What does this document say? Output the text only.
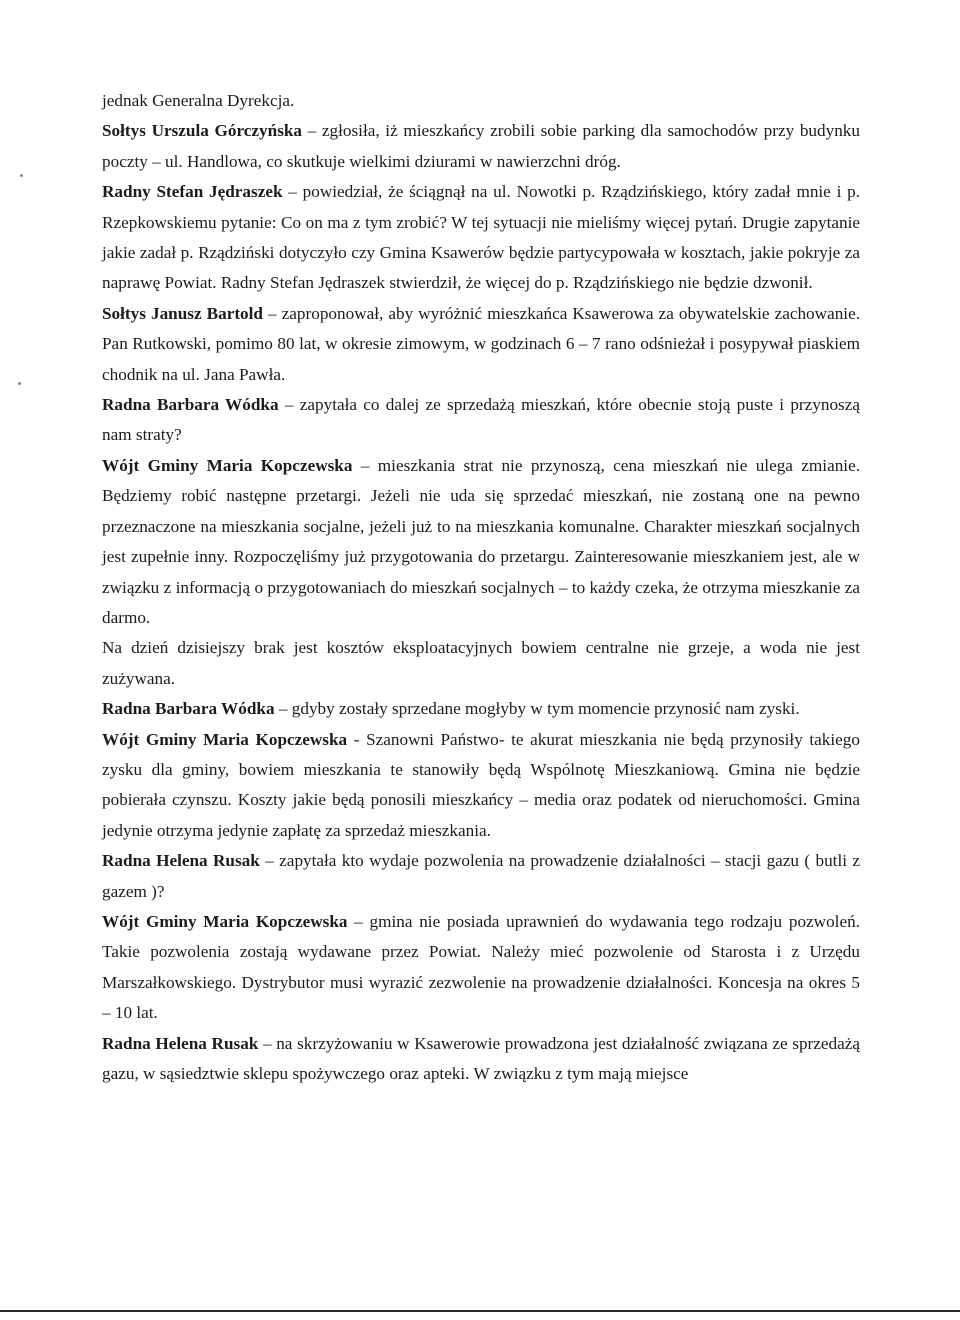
jednak Generalna Dyrekcja.

Sołtys Urszula Górczyńska – zgłosiła, iż mieszkańcy zrobili sobie parking dla samochodów przy budynku poczty – ul. Handlowa, co skutkuje wielkimi dziurami w nawierzchni dróg.

Radny Stefan Jędraszek – powiedział, że ściągnął na ul. Nowotki p. Rządzińskiego, który zadał mnie i p. Rzepkowskiemu pytanie: Co on ma z tym zrobić? W tej sytuacji nie mieliśmy więcej pytań. Drugie zapytanie jakie zadał p. Rządziński dotyczyło czy Gmina Ksawerów będzie partycypowała w kosztach, jakie pokryje za naprawę Powiat. Radny Stefan Jędraszek stwierdził, że więcej do p. Rządzińskiego nie będzie dzwonił.

Sołtys Janusz Bartold – zaproponował, aby wyróżnić mieszkańca Ksawerowa za obywatelskie zachowanie. Pan Rutkowski, pomimo 80 lat, w okresie zimowym, w godzinach 6 – 7 rano odśnieżał i posypywał piaskiem chodnik na ul. Jana Pawła.

Radna Barbara Wódka – zapytała co dalej ze sprzedażą mieszkań, które obecnie stoją puste i przynoszą nam straty?

Wójt Gminy Maria Kopczewska – mieszkania strat nie przynoszą, cena mieszkań nie ulega zmianie. Będziemy robić następne przetargi. Jeżeli nie uda się sprzedać mieszkań, nie zostaną one na pewno przeznaczone na mieszkania socjalne, jeżeli już to na mieszkania komunalne. Charakter mieszkań socjalnych jest zupełnie inny. Rozpoczęliśmy już przygotowania do przetargu. Zainteresowanie mieszkaniem jest, ale w związku z informacją o przygotowaniach do mieszkań socjalnych – to każdy czeka, że otrzyma mieszkanie za darmo.

Na dzień dzisiejszy brak jest kosztów eksploatacyjnych bowiem centralne nie grzeje, a woda nie jest zużywana.

Radna Barbara Wódka – gdyby zostały sprzedane mogłyby w tym momencie przynosić nam zyski.

Wójt Gminy Maria Kopczewska - Szanowni Państwo- te akurat mieszkania nie będą przynosiły takiego zysku dla gminy, bowiem mieszkania te stanowiły będą Wspólnotę Mieszkaniową. Gmina nie będzie pobierała czynszu. Koszty jakie będą ponosili mieszkańcy – media oraz podatek od nieruchomości. Gmina jedynie otrzyma jedynie zapłatę za sprzedaż mieszkania.

Radna Helena Rusak – zapytała kto wydaje pozwolenia na prowadzenie działalności – stacji gazu ( butli z gazem )?

Wójt Gminy Maria Kopczewska – gmina nie posiada uprawnień do wydawania tego rodzaju pozwoleń. Takie pozwolenia zostają wydawane przez Powiat. Należy mieć pozwolenie od Starosta i z Urzędu Marszałkowskiego. Dystrybutor musi wyrazić zezwolenie na prowadzenie działalności. Koncesja na okres 5 – 10 lat.

Radna Helena Rusak – na skrzyżowaniu w Ksawerowie prowadzona jest działalność związana ze sprzedażą gazu, w sąsiedztwie sklepu spożywczego oraz apteki. W związku z tym mają miejsce
